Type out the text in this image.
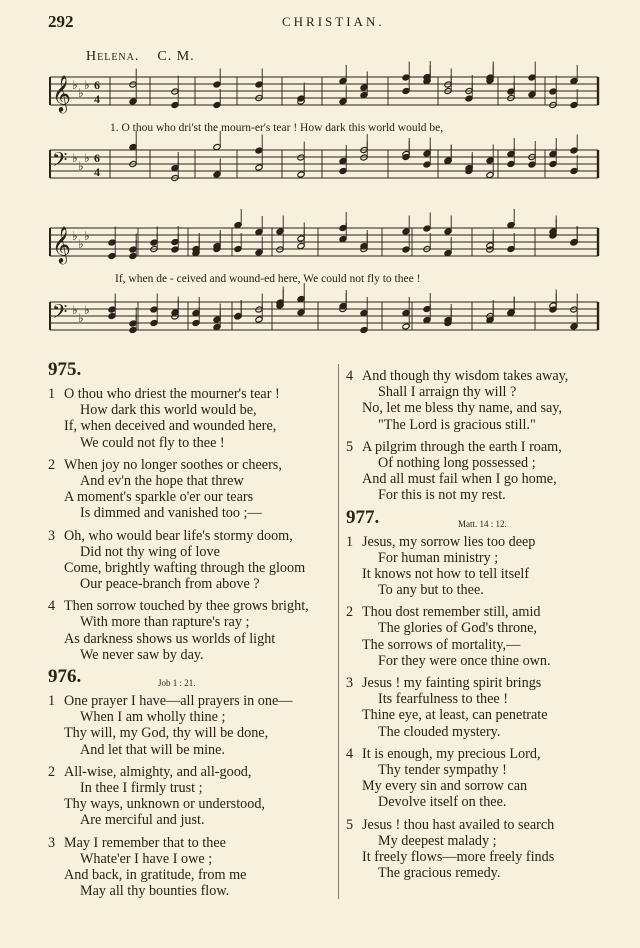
292	CHRISTIAN.
Helena. C. M.
𝄞 ♭
♭
♭ 6
4
𝄢 ♭
♭
♭ 6
4
𝄞 ♭
♭
♭
𝄢 ♭
♭
♭
1. O thou who dri'st the mourn-er's tear ! How dark this world would be,
If, when de - ceived and wound-ed here, We could not fly to thee !
975.
1 O thou who driest the mourner's tear !
How dark this world would be,
If, when deceived and wounded here,
We could not fly to thee !
2 When joy no longer soothes or cheers,
And ev'n the hope that threw
A moment's sparkle o'er our tears
Is dimmed and vanished too ;—
3 Oh, who would bear life's stormy doom,
Did not thy wing of love
Come, brightly wafting through the gloom
Our peace-branch from above ?
4 Then sorrow touched by thee grows bright,
With more than rapture's ray ;
As darkness shows us worlds of light
We never saw by day.
976.	Job 1 : 21.
1 One prayer I have—all prayers in one—
When I am wholly thine ;
Thy will, my God, thy will be done,
And let that will be mine.
2 All-wise, almighty, and all-good,
In thee I firmly trust ;
Thy ways, unknown or understood,
Are merciful and just.
3 May I remember that to thee
Whate'er I have I owe ;
And back, in gratitude, from me
May all thy bounties flow.
4 And though thy wisdom takes away,
Shall I arraign thy will ?
No, let me bless thy name, and say,
"The Lord is gracious still."
5 A pilgrim through the earth I roam,
Of nothing long possessed ;
And all must fail when I go home,
For this is not my rest.
977.	Matt. 14 : 12.
1 Jesus, my sorrow lies too deep
For human ministry ;
It knows not how to tell itself
To any but to thee.
2 Thou dost remember still, amid
The glories of God's throne,
The sorrows of mortality,—
For they were once thine own.
3 Jesus ! my fainting spirit brings
Its fearfulness to thee !
Thine eye, at least, can penetrate
The clouded mystery.
4 It is enough, my precious Lord,
Thy tender sympathy !
My every sin and sorrow can
Devolve itself on thee.
5 Jesus ! thou hast availed to search
My deepest malady ;
It freely flows—more freely finds
The gracious remedy.
